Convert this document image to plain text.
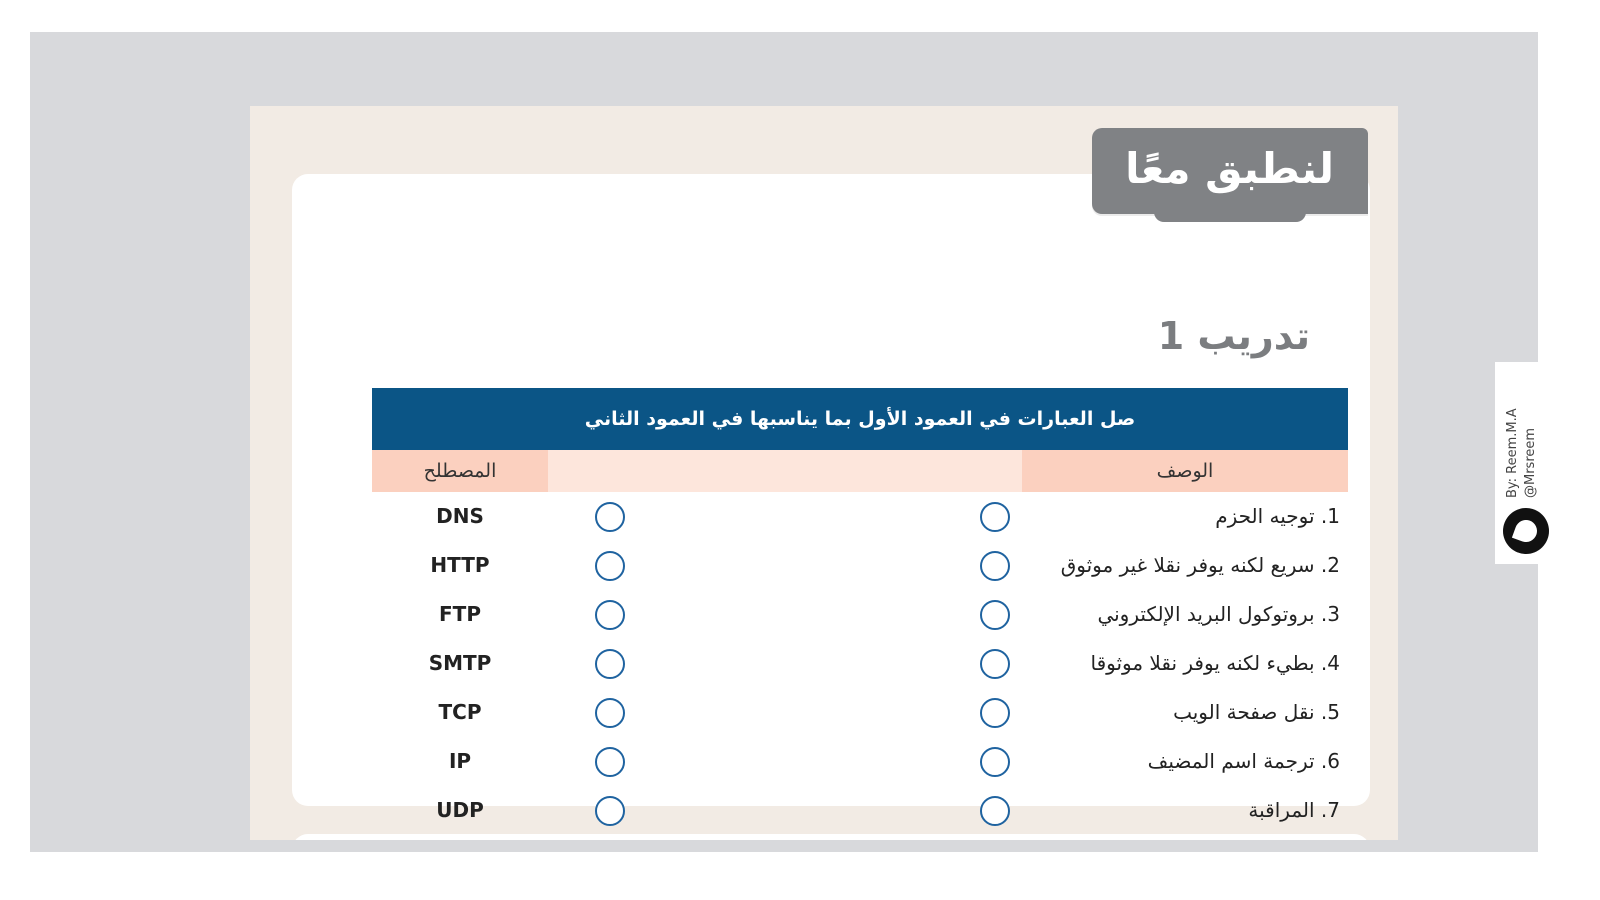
تدريب 1
صل العبارات في العمود الأول بما يناسبها في العمود الثاني
المصطلح	الوصف
DNS	1. توجيه الحزم
HTTP	2. سريع لكنه يوفر نقلا غير موثوق
FTP	3. بروتوكول البريد الإلكتروني
SMTP	4. بطيء لكنه يوفر نقلا موثوقا
TCP	5. نقل صفحة الويب
IP	6. ترجمة اسم المضيف
UDP	7. المراقبة
لنطبق معًا
By: Reem.M.A @Mrsreem
